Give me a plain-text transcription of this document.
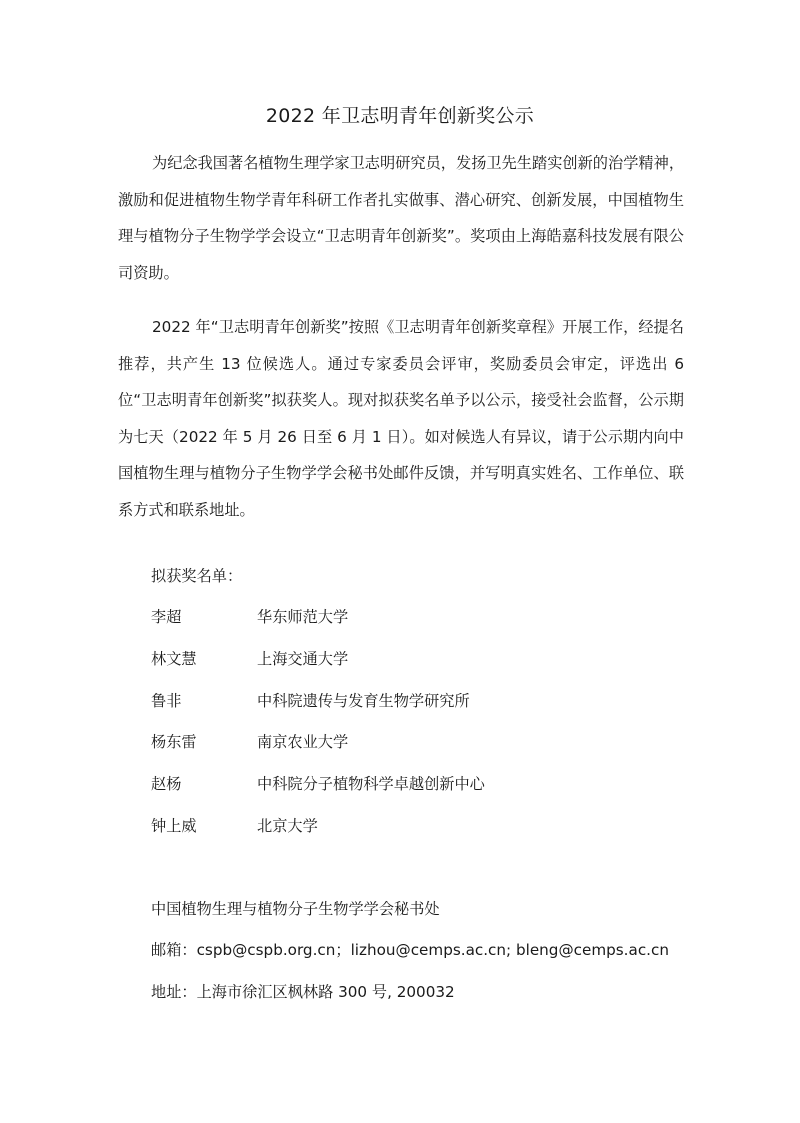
2022 年卫志明青年创新奖公示
为纪念我国著名植物生理学家卫志明研究员，发扬卫先生踏实创新的治学精神，激励和促进植物生物学青年科研工作者扎实做事、潜心研究、创新发展，中国植物生理与植物分子生物学学会设立“卫志明青年创新奖”。奖项由上海皓嘉科技发展有限公司资助。
2022 年“卫志明青年创新奖”按照《卫志明青年创新奖章程》开展工作，经提名推荐，共产生 13 位候选人。通过专家委员会评审，奖励委员会审定，评选出 6 位“卫志明青年创新奖”拟获奖人。现对拟获奖名单予以公示，接受社会监督，公示期为七天（2022 年 5 月 26 日至 6 月 1 日）。如对候选人有异议，请于公示期内向中国植物生理与植物分子生物学学会秘书处邮件反馈，并写明真实姓名、工作单位、联系方式和联系地址。
拟获奖名单：
李超	华东师范大学
林文慧	上海交通大学
鲁非	中科院遗传与发育生物学研究所
杨东雷	南京农业大学
赵杨	中科院分子植物科学卓越创新中心
钟上威	北京大学
中国植物生理与植物分子生物学学会秘书处
邮箱：cspb@cspb.org.cn；lizhou@cemps.ac.cn; bleng@cemps.ac.cn
地址：上海市徐汇区枫林路 300 号, 200032
